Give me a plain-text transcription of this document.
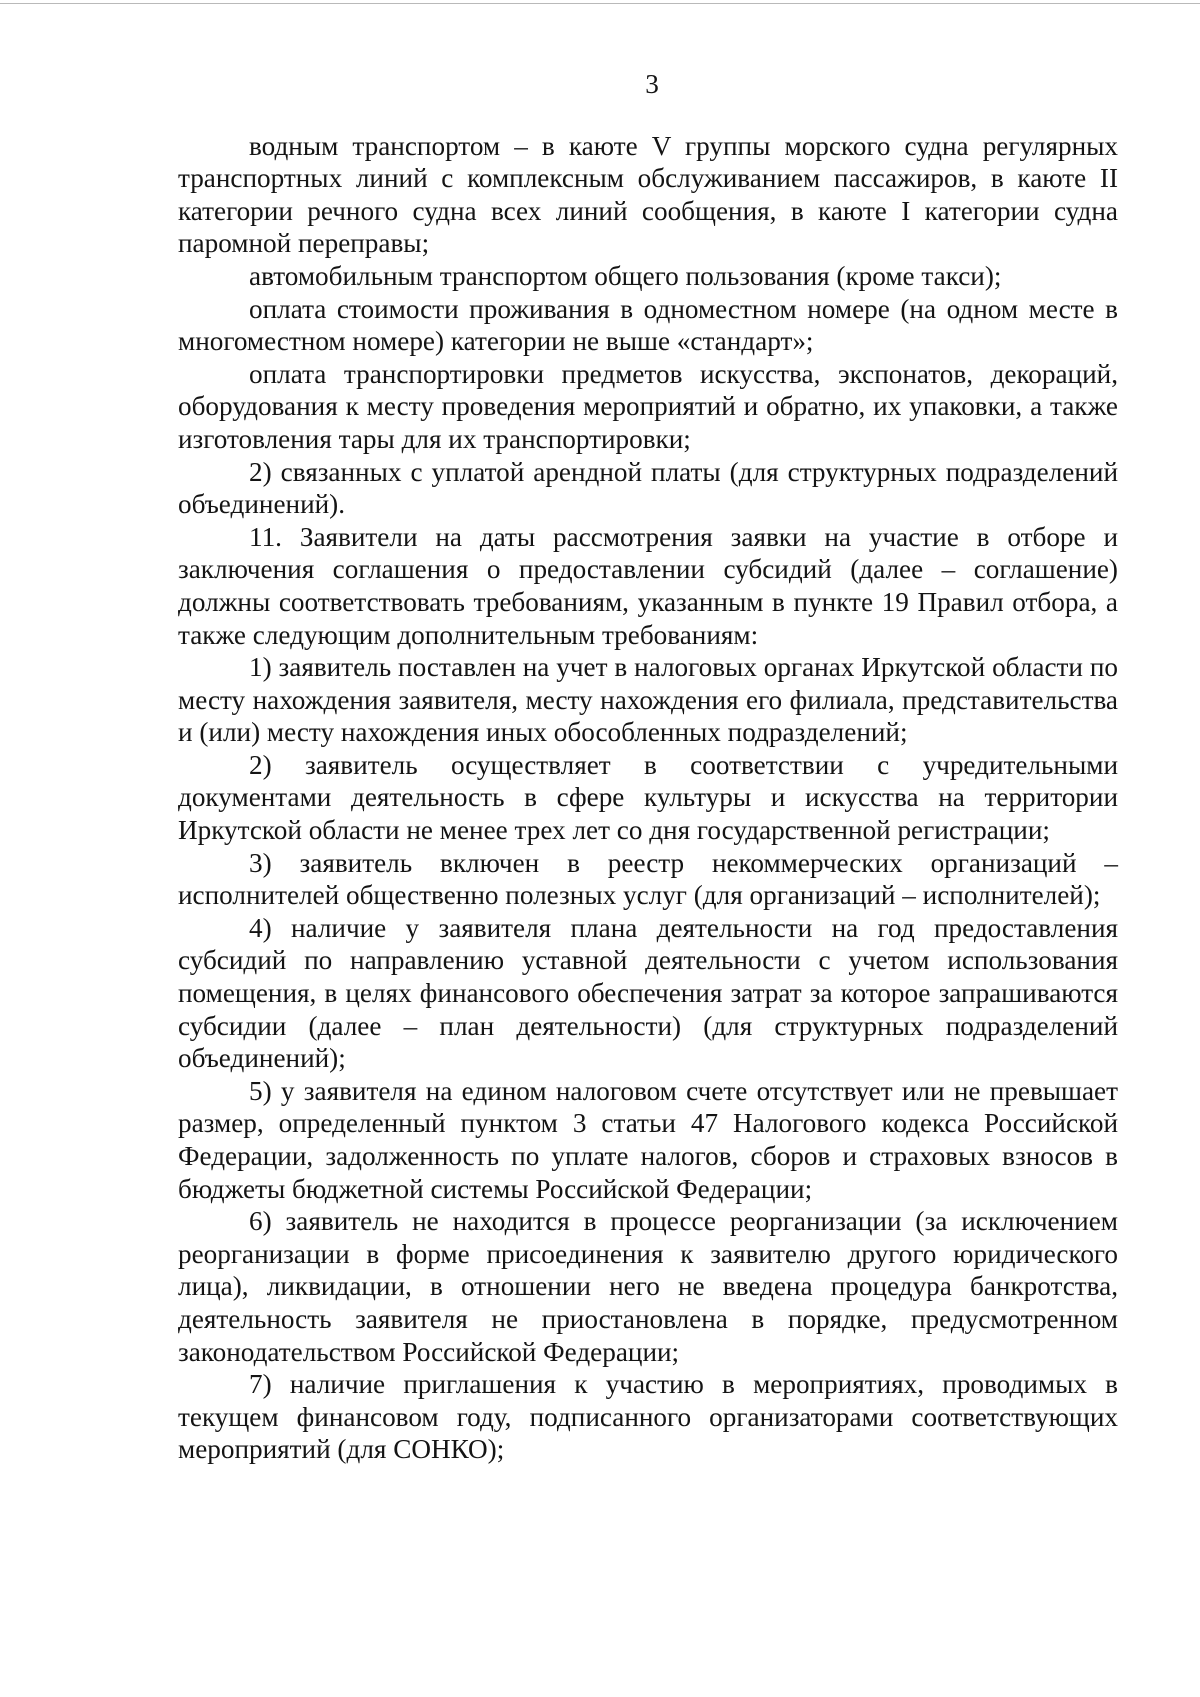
3

водным транспортом – в каюте V группы морского судна регулярных транспортных линий с комплексным обслуживанием пассажиров, в каюте II категории речного судна всех линий сообщения, в каюте I категории судна паромной переправы;

автомобильным транспортом общего пользования (кроме такси);

оплата стоимости проживания в одноместном номере (на одном месте в многоместном номере) категории не выше «стандарт»;

оплата транспортировки предметов искусства, экспонатов, декораций, оборудования к месту проведения мероприятий и обратно, их упаковки, а также изготовления тары для их транспортировки;

2) связанных с уплатой арендной платы (для структурных подразделений объединений).

11. Заявители на даты рассмотрения заявки на участие в отборе и заключения соглашения о предоставлении субсидий (далее – соглашение) должны соответствовать требованиям, указанным в пункте 19 Правил отбора, а также следующим дополнительным требованиям:

1) заявитель поставлен на учет в налоговых органах Иркутской области по месту нахождения заявителя, месту нахождения его филиала, представительства и (или) месту нахождения иных обособленных подразделений;

2) заявитель осуществляет в соответствии с учредительными документами деятельность в сфере культуры и искусства на территории Иркутской области не менее трех лет со дня государственной регистрации;

3) заявитель включен в реестр некоммерческих организаций – исполнителей общественно полезных услуг (для организаций – исполнителей);

4) наличие у заявителя плана деятельности на год предоставления субсидий по направлению уставной деятельности с учетом использования помещения, в целях финансового обеспечения затрат за которое запрашиваются субсидии (далее – план деятельности) (для структурных подразделений объединений);

5) у заявителя на едином налоговом счете отсутствует или не превышает размер, определенный пунктом 3 статьи 47 Налогового кодекса Российской Федерации, задолженность по уплате налогов, сборов и страховых взносов в бюджеты бюджетной системы Российской Федерации;

6) заявитель не находится в процессе реорганизации (за исключением реорганизации в форме присоединения к заявителю другого юридического лица), ликвидации, в отношении него не введена процедура банкротства, деятельность заявителя не приостановлена в порядке, предусмотренном законодательством Российской Федерации;

7) наличие приглашения к участию в мероприятиях, проводимых в текущем финансовом году, подписанного организаторами соответствующих мероприятий (для СОНКО);
